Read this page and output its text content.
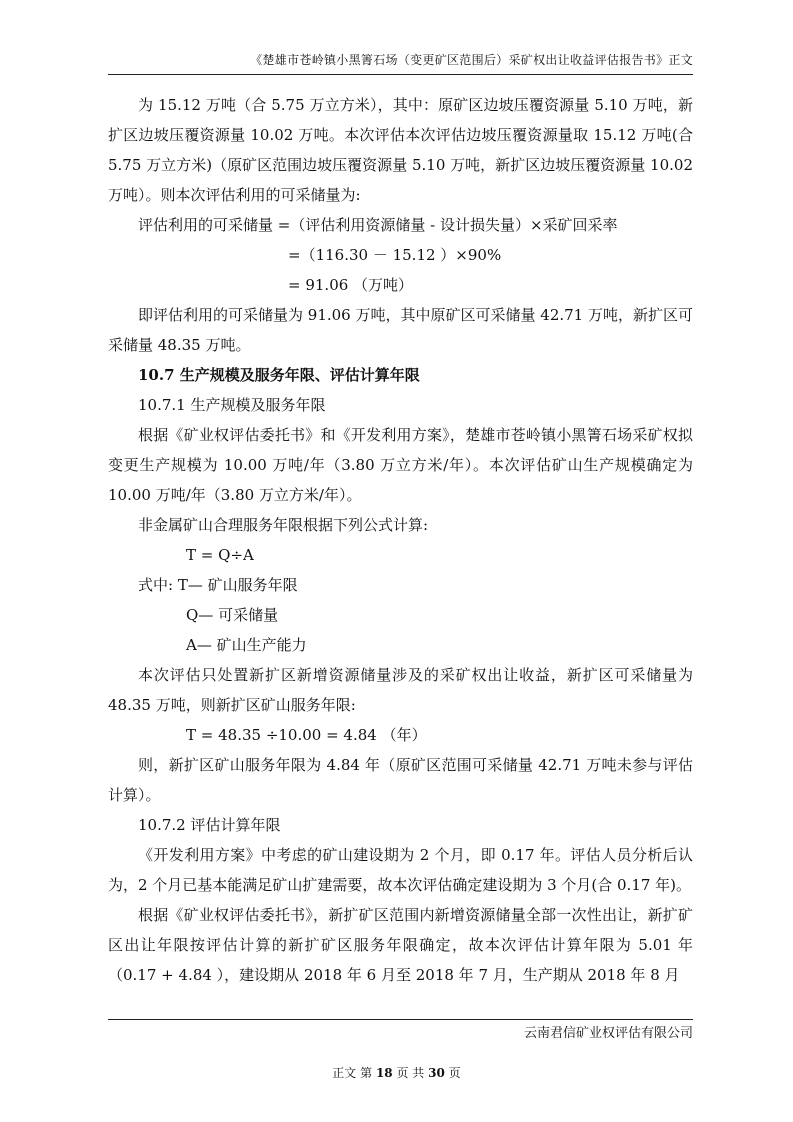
《楚雄市苍岭镇小黑箐石场（变更矿区范围后）采矿权出让收益评估报告书》正文

为 15.12 万吨（合 5.75 万立方米），其中：原矿区边坡压覆资源量 5.10 万吨，新扩区边坡压覆资源量 10.02 万吨。本次评估本次评估边坡压覆资源量取 15.12 万吨(合 5.75 万立方米)（原矿区范围边坡压覆资源量 5.10 万吨，新扩区边坡压覆资源量 10.02 万吨）。则本次评估利用的可采储量为:

评估利用的可采储量 =（评估利用资源储量 - 设计损失量）×采矿回采率
=（116.30 － 15.12 ）×90%
= 91.06 （万吨）

即评估利用的可采储量为 91.06 万吨，其中原矿区可采储量 42.71 万吨，新扩区可采储量 48.35 万吨。

10.7 生产规模及服务年限、评估计算年限
10.7.1 生产规模及服务年限

根据《矿业权评估委托书》和《开发利用方案》，楚雄市苍岭镇小黑箐石场采矿权拟变更生产规模为 10.00 万吨/年（3.80 万立方米/年）。本次评估矿山生产规模确定为 10.00 万吨/年（3.80 万立方米/年）。

非金属矿山合理服务年限根据下列公式计算:

T = Q÷A
式中: T— 矿山服务年限
Q— 可采储量
A— 矿山生产能力

本次评估只处置新扩区新增资源储量涉及的采矿权出让收益，新扩区可采储量为 48.35 万吨，则新扩区矿山服务年限:

T = 48.35 ÷10.00 = 4.84 （年）

则，新扩区矿山服务年限为 4.84 年（原矿区范围可采储量 42.71 万吨未参与评估计算）。

10.7.2 评估计算年限

《开发利用方案》中考虑的矿山建设期为 2 个月，即 0.17 年。评估人员分析后认为，2 个月已基本能满足矿山扩建需要，故本次评估确定建设期为 3 个月(合 0.17 年)。

根据《矿业权评估委托书》，新扩矿区范围内新增资源储量全部一次性出让，新扩矿区出让年限按评估计算的新扩矿区服务年限确定，故本次评估计算年限为 5.01 年（0.17 + 4.84 ），建设期从 2018 年 6 月至 2018 年 7 月，生产期从 2018 年 8 月

云南君信矿业权评估有限公司
正文 第 18 页 共 30 页
